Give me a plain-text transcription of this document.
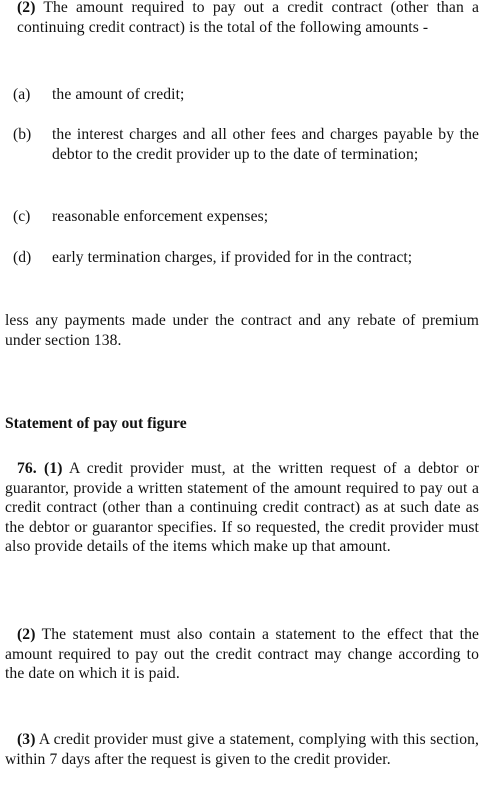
(2) The amount required to pay out a credit contract (other than a continuing credit contract) is the total of the following amounts -

(a) the amount of credit;

(b) the interest charges and all other fees and charges payable by the debtor to the credit provider up to the date of termination;

(c) reasonable enforcement expenses;

(d) early termination charges, if provided for in the contract;

less any payments made under the contract and any rebate of premium under section 138.

Statement of pay out figure

76. (1) A credit provider must, at the written request of a debtor or guarantor, provide a written statement of the amount required to pay out a credit contract (other than a continuing credit contract) as at such date as the debtor or guarantor specifies. If so requested, the credit provider must also provide details of the items which make up that amount.

(2) The statement must also contain a statement to the effect that the amount required to pay out the credit contract may change according to the date on which it is paid.

(3) A credit provider must give a statement, complying with this section, within 7 days after the request is given to the credit provider.
